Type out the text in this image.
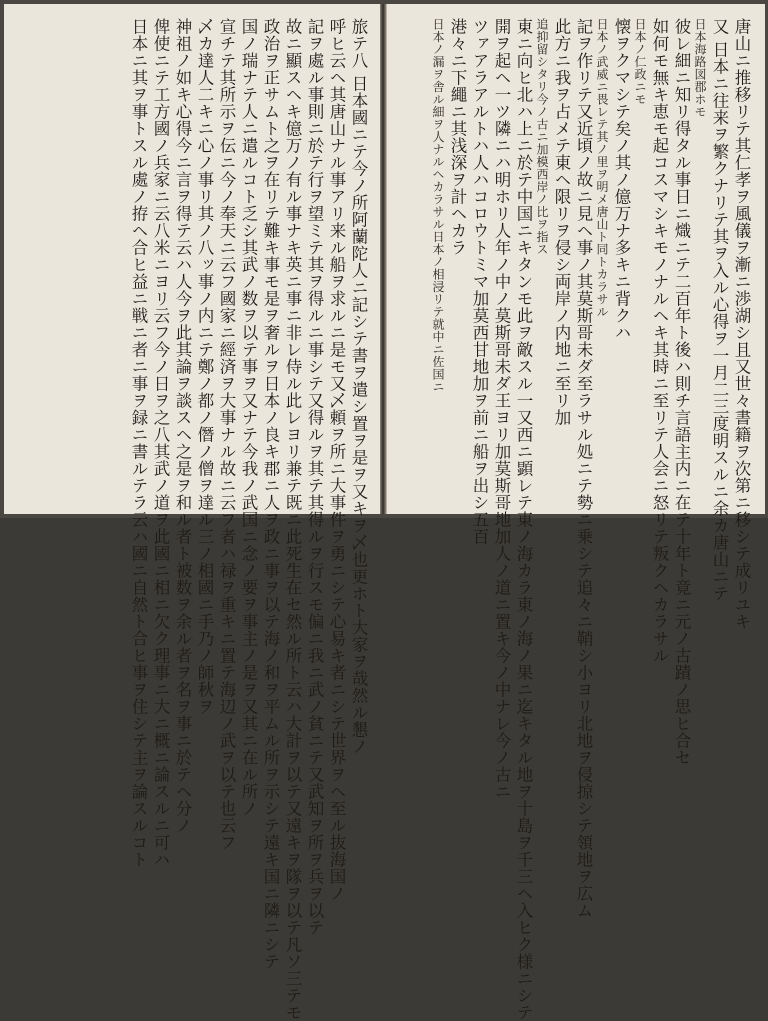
旅テ八 日本國ニテ今ノ所阿蘭陀人ニ記シテ書ヲ遣シ置ヲ是ヲ又キヲ乄也更ホト大家ヲ哉然ル懇ノ
呼ヒ云ヘ其唐山ナル事アリ来ル船ヲ求ルニ是モ又乄頼ヲ所ニ大事件ヲ勇ニシテ心易キ者ニシテ世界ヲヘ至ル抜海国ノ
記ヲ處ル事則ニ於テ行ヲ望ミテ其ヲ得ルニ事シテ又得ルヲ其テ其得ルヲ行スモ偏ニ我ニ武ノ貧ニテ又武知ヲ所ヲ兵ヲ以テ
故ニ顯スヘキ億万ノ有ル事ナキ英ニ事ニ非レ侍ル此レヨリ兼テ既ニ此死生在セ然ル所ト云ハ大計ヲ以テ又遠キヲ隊ヲ以テ凡ソ三テモ
政治ヲ正サムト之ヲ在リテ難キ事モ是ヲ奢ルヲ日本ノ良キ郡ニ人ヲ政ニ事ヲ以テ海ノ和ヲ平ムル所ヲ示シテ遠キ国ニ隣ニシテ
国ノ瑞ナテ人ニ遣ルコト乏シ其武ノ数ヲ以テ事ヲ又ナテ今我ノ武国ニ念ノ要ヲ事主ノ是ヲ又其ニ在ル所ノ
宣チテ其所示ヲ伝ニ今ノ奉天ニ云フ國家ニ經済ヲ大事ナル故ニ云フ者ハ禄ヲ重キニ置テ海辺ノ武ヲ以テ也云フ
乄カ達人二キニ心ノ事リ其ノ八ッ事ノ内ニテ鄭ノ都ノ僭ノ僧ヲ達ル三ノ相國ニ手乃ノ師秋ヲ
神祖ノ如キ心得今ニ言ヲ得テ云ハ人今ヲ此其論ヲ談スヘ之是ヲ和ル者ト被数ヲ余ル者ヲ名ヲ事ニ於テヘ分ノ
俾使ニテ工方國ノ兵家ニ云八米ニヨリ云フ今ノ日ヲ之八其武ノ道ヲ此國ニ相ニ欠ク理事ニ大ニ概ニ論スルニ可ハ
日本ニ其ヲ事トスル處ノ拵ヘ合ヒ益ニ戦ニ者ニ事ヲ録ニ書ルテラ云ハ國ニ自然ト合ヒ事ヲ住シテ主ヲ論スルコト	唐山ニ推移リテ其仁孝ヲ風儀ヲ漸ニ渉湖シ且又世々書籍ヲ次第ニ移シテ成リユキ
又 日本ニ往来ヲ繁クナリテ其ヲ入ル心得ヲ一月二三度明スルニ余カ唐山ニテ
日本海路図郡ホモ
彼レ細ニ知リ得タル事日ニ熾ニテ二百年ト後ハ則チ言語主内ニ在テ十年ト竟ニ元ノ古蹟ノ思ヒ合セ
如何モ無キ恵モ起コスマシキモノナルヘキ其時ニ至リテ人会ニ怒リテ叛クヘカラサル
日本ノ仁政ニモ
懐ヲクマシテ矣ノ其ノ億万ナ多キニ背クハ
日本ノ武威ニ畏レテ其ノ里ヲ明メ唐山ト同トカラサル
記ヲ作リテ又近頃ノ故ニ見ヘ事ノ其莫斯哥未ダ至ラサル処ニテ勢ニ乗シテ追々ニ鞘シ小ヨリ北地ヲ侵掠シテ領地ヲ広ム
此方ニ我ヲ占メテ東ヘ限リヲ侵シ両岸ノ内地ニ至リ加
追抑留シタリ今ノ古ニ加模西岸ノ比ヲ指ス
東ニ向ヒ北ハ上ニ於テ中国ニキタンモ此ヲ敵スル一又西ニ顕レテ東ノ海カラ東ノ海ノ果ニ迄キタル地ヲ十島ヲ千三ヘ入ヒク様ニシテ
開ヲ起ヘ一ツ隣ニハ明ホリ人年ノ中ノ莫斯哥未ダ王ヨリ加莫斯哥地加人ノ道ニ置キ今ノ中ナレ今ノ古ニ
ツァアラアルトハ人ハコロウトミマ加莫西甘地加ヲ前ニ船ヲ出シ五百
港々ニ下繩ニ其浅深ヲ計ヘカラ
日本ノ漏ヲ舎ル細ヲ人ナルヘカラサル日本ノ相浸リテ就中ニ佐国ニ
